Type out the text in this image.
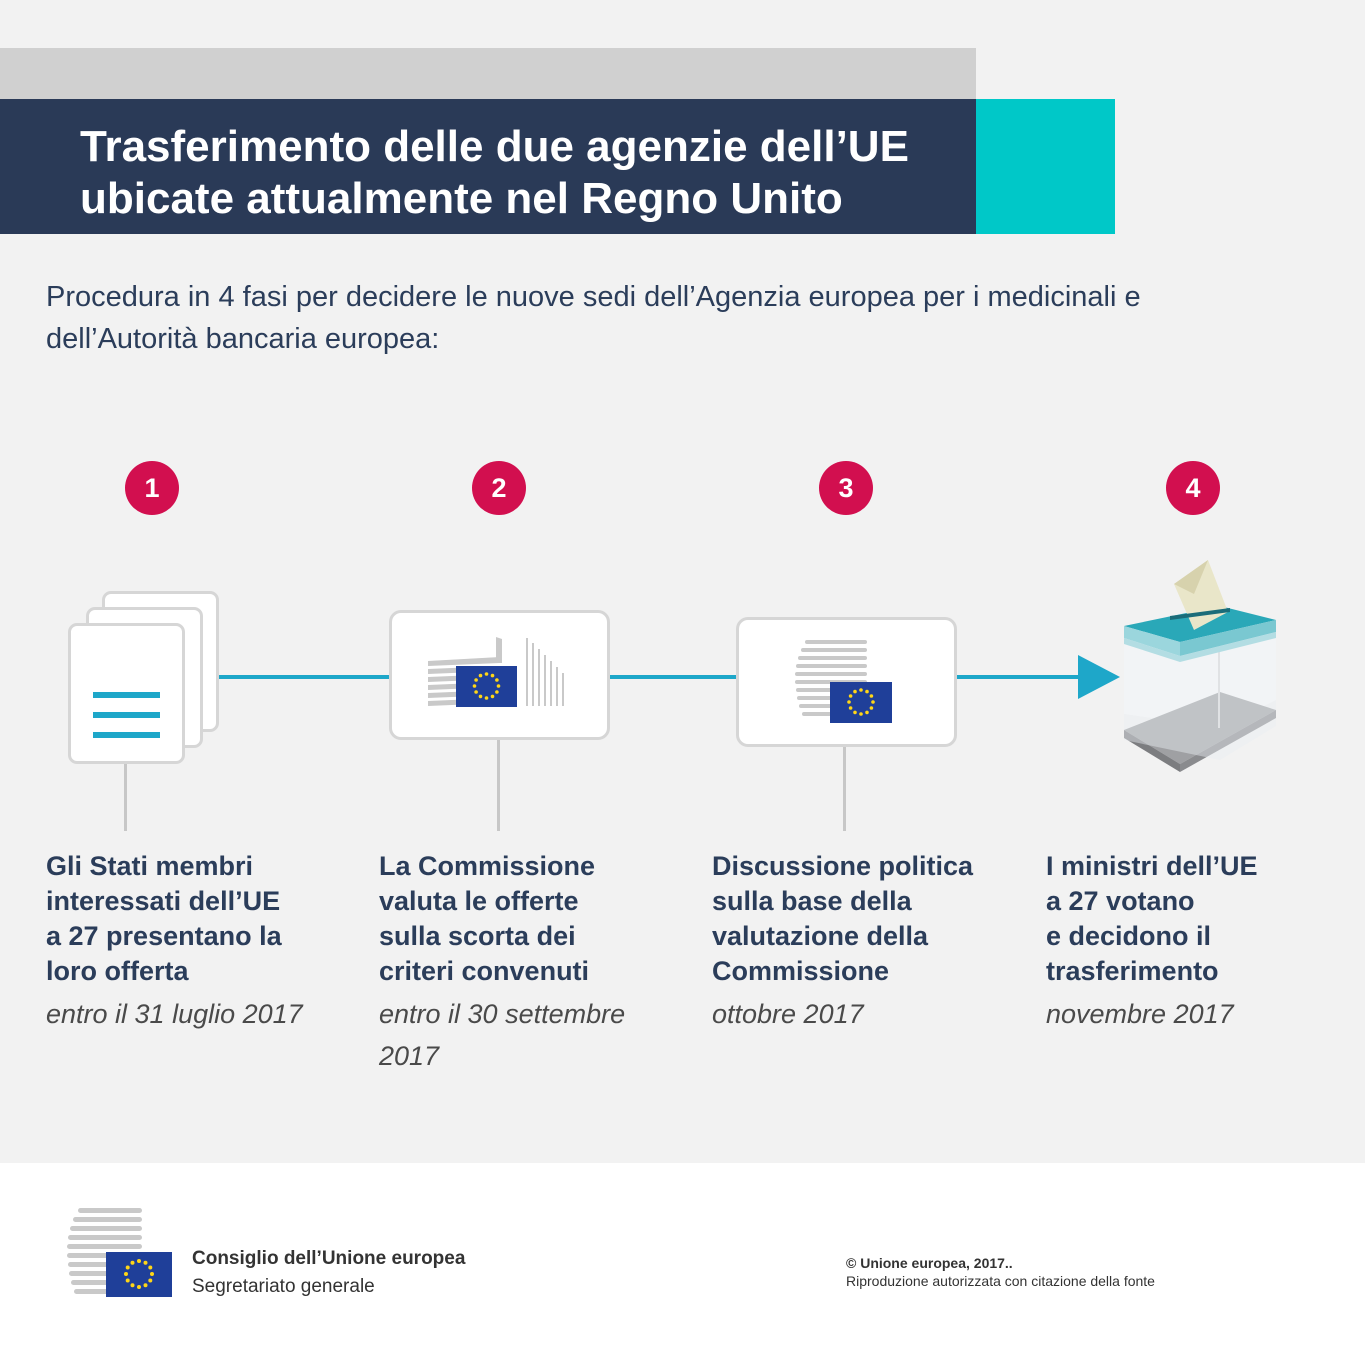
Trasferimento delle due agenzie dell’UE
ubicate attualmente nel Regno Unito

Procedura in 4 fasi per decidere le nuove sedi dell’Agenzia europea per i medicinali e
dell’Autorità bancaria europea:

1	2	3	4

Gli Stati membri
interessati dell’UE
a 27 presentano la
loro offerta

entro il 31 luglio 2017

La Commissione
valuta le offerte
sulla scorta dei
criteri convenuti

entro il 30 settembre
2017

Discussione politica
sulla base della
valutazione della
Commissione

ottobre 2017

I ministri dell’UE
a 27 votano
e decidono il
trasferimento

novembre 2017

Consiglio dell’Unione europea

Segretariato generale

© Unione europea, 2017..

Riproduzione autorizzata con citazione della fonte
